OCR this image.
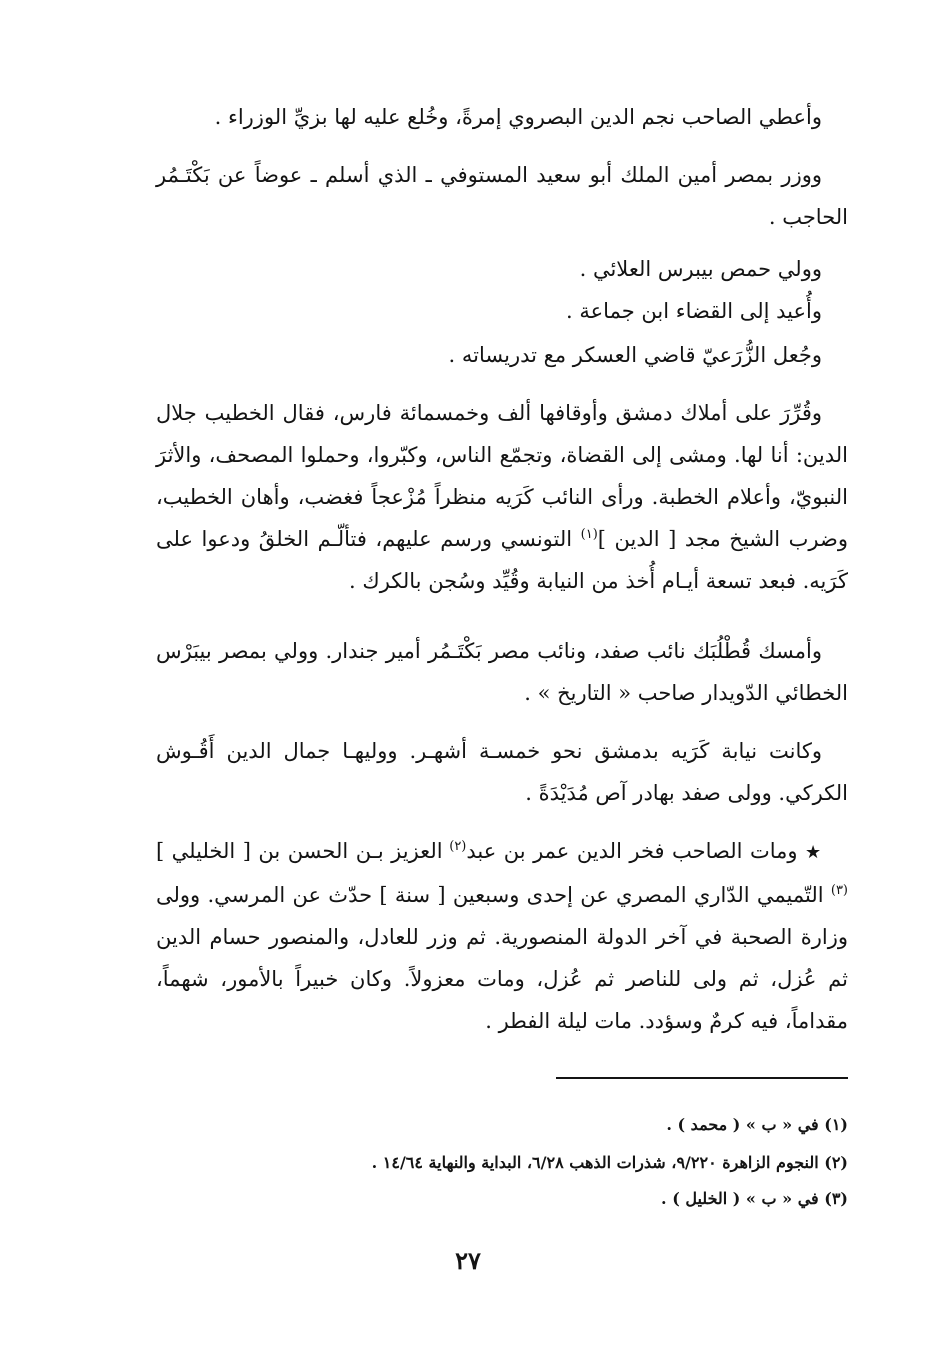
وأعطي الصاحب نجم الدين البصروي إمرةً، وخُلع عليه لها بزيِّ الوزراء .

ووزر بمصر أمين الملك أبو سعيد المستوفي ـ الذي أسلم ـ عوضاً عن بَكْتَـمُر الحاجب .

وولي حمص بيبرس العلائي .

وأُعيد إلى القضاء ابن جماعة .

وجُعل الزُّرَعيّ قاضي العسكر مع تدريساته .

وقُرِّرَ على أملاك دمشق وأوقافها ألف وخمسمائة فارس، فقال الخطيب جلال الدين: أنا لها. ومشى إلى القضاة، وتجمّع الناس، وكبّروا، وحملوا المصحف، والأثرَ النبويّ، وأعلام الخطبة. ورأى النائب كَرَيه منظراً مُزْعجاً فغضب، وأهان الخطيب، وضرب الشيخ مجد [ الدين ]$^{(١)}$ التونسي ورسم عليهم، فتألّـم الخلقُ ودعوا على كَرَيه. فبعد تسعة أيـام أُخذ من النيابة وقُيِّد وسُجن بالكرك .

وأمسك قُطْلُبَك نائب صفد، ونائب مصر بَكْتَـمُر أمير جندار. وولي بمصر بيبَرْس الخطائي الدّويدار صاحب « التاريخ » .

وكانت نيابة كَرَيه بدمشق نحو خمسـة أشهـر. ووليهـا جمال الدين أَقُـوش الكركي. وولى صفد بهادر آص مُدَيْدَةً .

★ ومات الصاحب فخر الدين عمر بن عبد$^{(٢)}$ العزيز بـن الحسن بن [ الخليلي ]$^{(٣)}$ التّميمي الدّاري المصري عن إحدى وسبعين [ سنة ] حدّث عن المرسي. وولى وزارة الصحبة في آخر الدولة المنصورية. ثم وزر للعادل، والمنصور حسام الدين ثم عُزل، ثم ولى للناصر ثم عُزل، ومات معزولاً. وكان خبيراً بالأمور، شهماً، مقداماً، فيه كرمٌ وسؤدد. مات ليلة الفطر .

(١) في « ب » ( محمد ) .
(٢) النجوم الزاهرة ٩/٢٢٠، شذرات الذهب ٦/٢٨، البداية والنهاية ١٤/٦٤ .
(٣) في « ب » ( الخليل ) .
٢٧
